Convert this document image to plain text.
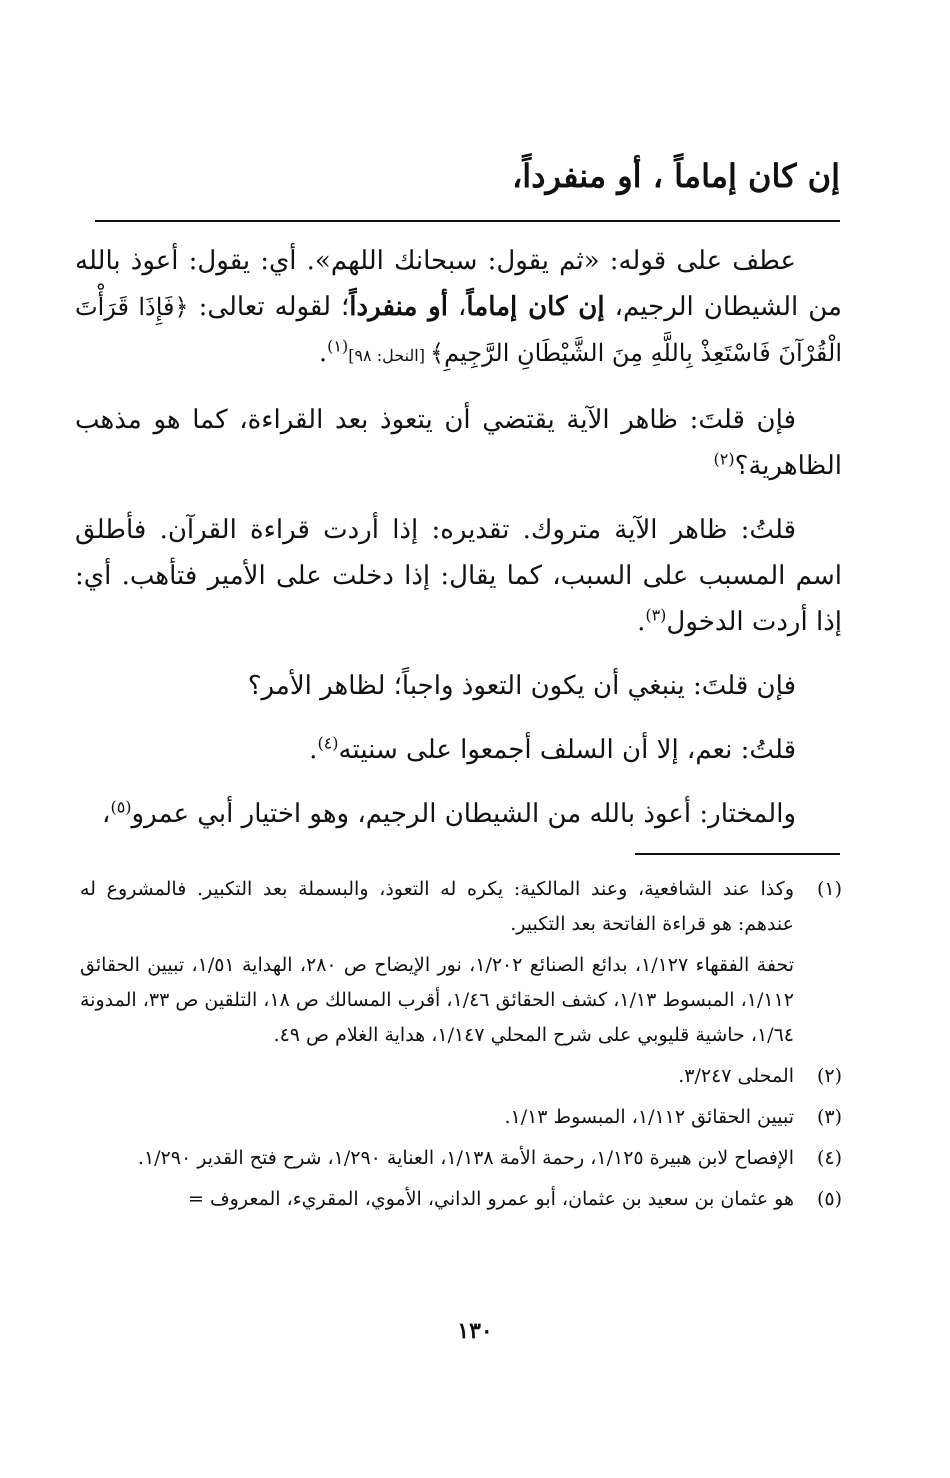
إن كان إماماً ، أو منفرداً،

عطف على قوله: «ثم يقول: سبحانك اللهم». أي: يقول: أعوذ بالله من الشيطان الرجيم، إن كان إماماً، أو منفرداً؛ لقوله تعالى: ﴿فَإِذَا قَرَأْتَ الْقُرْآنَ فَاسْتَعِذْ بِاللَّهِ مِنَ الشَّيْطَانِ الرَّجِيمِ﴾ [النحل: ٩٨]$^{(١)}$.

فإن قلتَ: ظاهر الآية يقتضي أن يتعوذ بعد القراءة، كما هو مذهب الظاهرية؟$^{(٢)}$

قلتُ: ظاهر الآية متروك. تقديره: إذا أردت قراءة القرآن. فأطلق اسم المسبب على السبب، كما يقال: إذا دخلت على الأمير فتأهب. أي: إذا أردت الدخول$^{(٣)}$.

فإن قلتَ: ينبغي أن يكون التعوذ واجباً؛ لظاهر الأمر؟

قلتُ: نعم، إلا أن السلف أجمعوا على سنيته$^{(٤)}$.

والمختار: أعوذ بالله من الشيطان الرجيم، وهو اختيار أبي عمرو$^{(٥)}$،

(١)
وكذا عند الشافعية، وعند المالكية: يكره له التعوذ، والبسملة بعد التكبير. فالمشروع له عندهم: هو قراءة الفاتحة بعد التكبير.
تحفة الفقهاء ١/١٢٧، بدائع الصنائع ١/٢٠٢، نور الإيضاح ص ٢٨٠، الهداية ١/٥١، تبيين الحقائق ١/١١٢، المبسوط ١/١٣، كشف الحقائق ١/٤٦، أقرب المسالك ص ١٨، التلقين ص ٣٣، المدونة ١/٦٤، حاشية قليوبي على شرح المحلي ١/١٤٧، هداية الغلام ص ٤٩.
(٢)
المحلى ٣/٢٤٧.
(٣)
تبيين الحقائق ١/١١٢، المبسوط ١/١٣.
(٤)
الإفصاح لابن هبيرة ١/١٢٥، رحمة الأمة ١/١٣٨، العناية ١/٢٩٠، شرح فتح القدير ١/٢٩٠.
(٥)
هو عثمان بن سعيد بن عثمان، أبو عمرو الداني، الأموي، المقريء، المعروف =
١٣٠
